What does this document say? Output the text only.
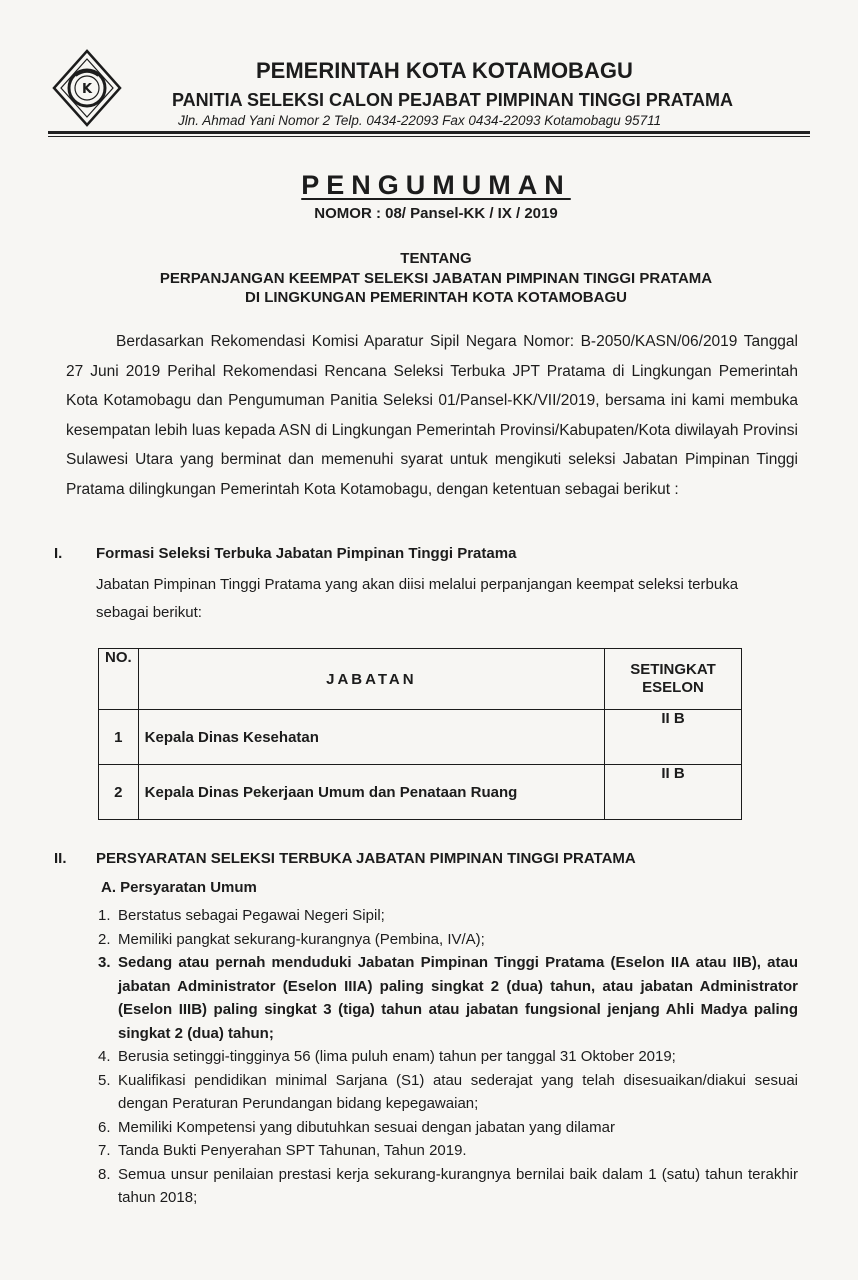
K
PEMERINTAH KOTA KOTAMOBAGU
PANITIA SELEKSI CALON PEJABAT PIMPINAN TINGGI PRATAMA
Jln. Ahmad Yani Nomor 2 Telp. 0434-22093 Fax 0434-22093 Kotamobagu 95711
PENGUMUMAN
NOMOR : 08/ Pansel-KK / IX / 2019
TENTANG
PERPANJANGAN KEEMPAT SELEKSI JABATAN PIMPINAN TINGGI PRATAMA
DI LINGKUNGAN PEMERINTAH KOTA KOTAMOBAGU
Berdasarkan Rekomendasi Komisi Aparatur Sipil Negara Nomor: B-2050/KASN/06/2019 Tanggal 27 Juni 2019 Perihal Rekomendasi Rencana Seleksi Terbuka JPT Pratama di Lingkungan Pemerintah Kota Kotamobagu dan Pengumuman Panitia Seleksi 01/Pansel-KK/VII/2019, bersama ini kami membuka kesempatan lebih luas kepada ASN di Lingkungan Pemerintah Provinsi/Kabupaten/Kota diwilayah Provinsi Sulawesi Utara yang berminat dan memenuhi syarat untuk mengikuti seleksi Jabatan Pimpinan Tinggi Pratama dilingkungan Pemerintah Kota Kotamobagu, dengan ketentuan sebagai berikut :
I. Formasi Seleksi Terbuka Jabatan Pimpinan Tinggi Pratama
Jabatan Pimpinan Tinggi Pratama yang akan diisi melalui perpanjangan keempat seleksi terbuka sebagai berikut:
NO.	JABATAN	SETINGKAT
ESELON
1	Kepala Dinas Kesehatan	II B
2	Kepala Dinas Pekerjaan Umum dan Penataan Ruang	II B
II. PERSYARATAN SELEKSI TERBUKA JABATAN PIMPINAN TINGGI PRATAMA
A. Persyaratan Umum
1. Berstatus sebagai Pegawai Negeri Sipil;
2. Memiliki pangkat sekurang-kurangnya (Pembina, IV/A);
3. Sedang atau pernah menduduki Jabatan Pimpinan Tinggi Pratama (Eselon IIA atau IIB), atau jabatan Administrator (Eselon IIIA) paling singkat 2 (dua) tahun, atau jabatan Administrator (Eselon IIIB) paling singkat 3 (tiga) tahun atau jabatan fungsional jenjang Ahli Madya paling singkat 2 (dua) tahun;
4. Berusia setinggi-tingginya 56 (lima puluh enam) tahun per tanggal 31 Oktober 2019;
5. Kualifikasi pendidikan minimal Sarjana (S1) atau sederajat yang telah disesuaikan/diakui sesuai dengan Peraturan Perundangan bidang kepegawaian;
6. Memiliki Kompetensi yang dibutuhkan sesuai dengan jabatan yang dilamar
7. Tanda Bukti Penyerahan SPT Tahunan, Tahun 2019.
8. Semua unsur penilaian prestasi kerja sekurang-kurangnya bernilai baik dalam 1 (satu) tahun terakhir tahun 2018;
